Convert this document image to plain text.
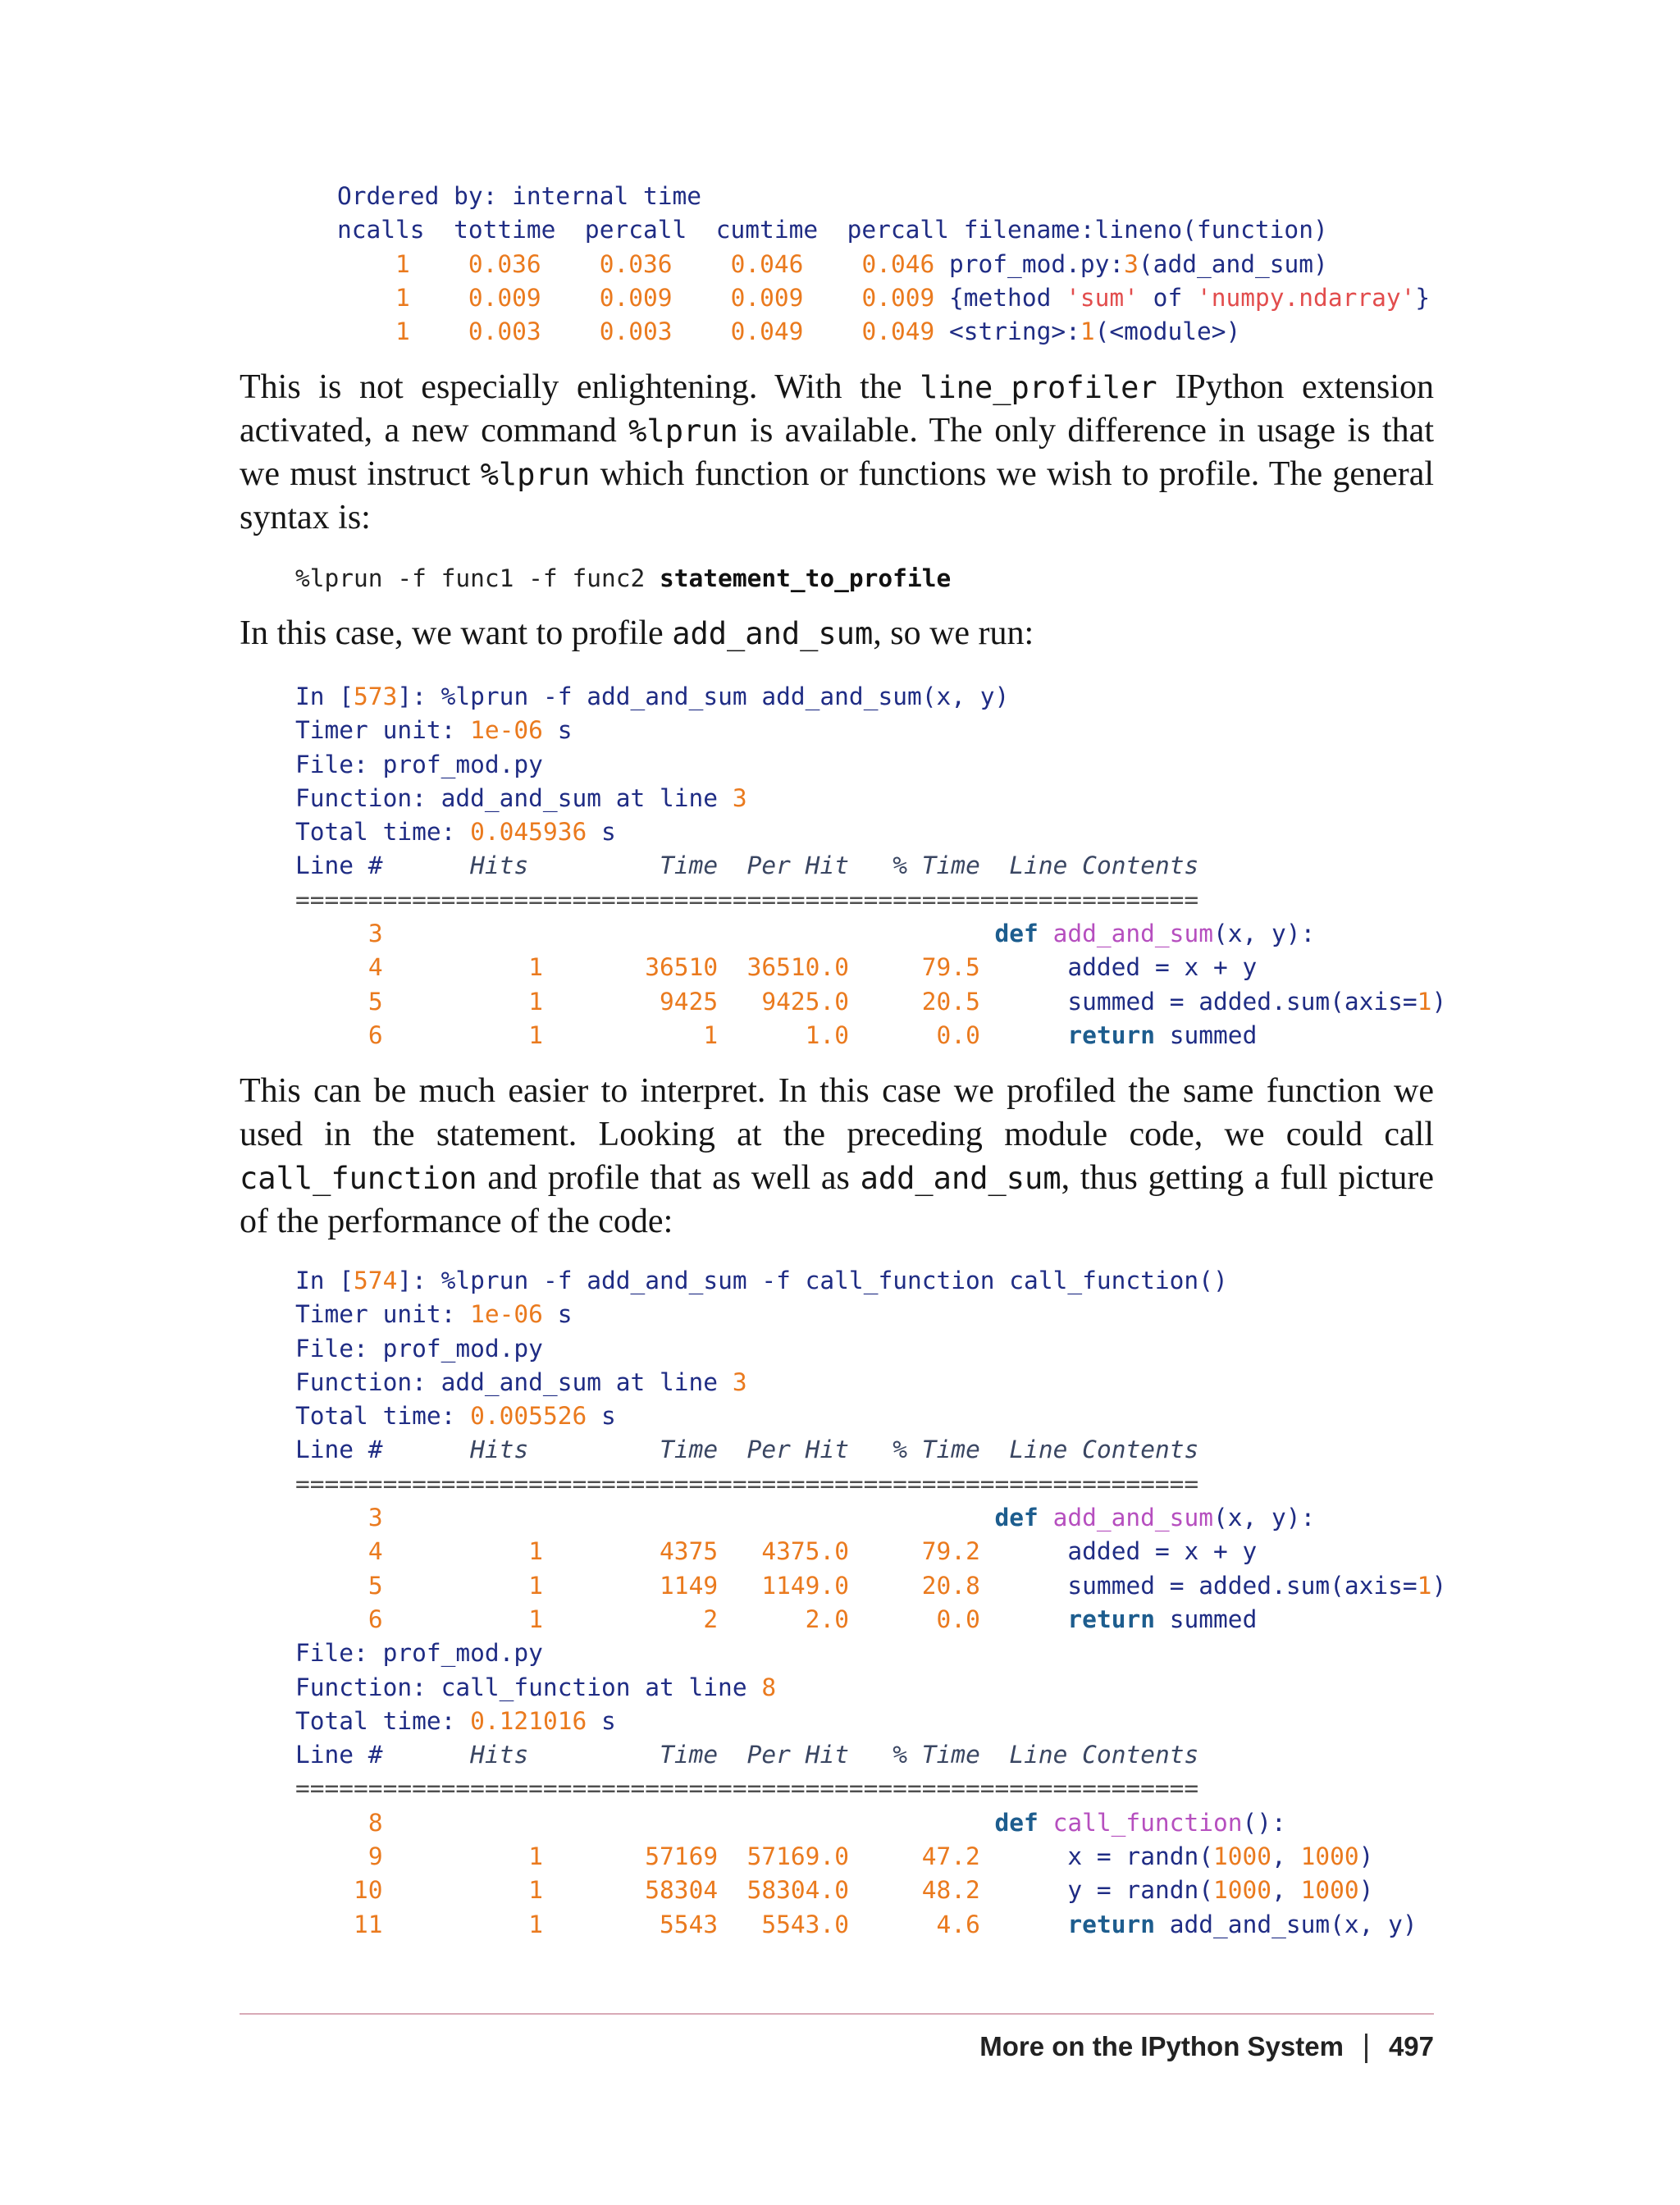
Ordered by: internal time
ncalls  tottime  percall  cumtime  percall filename:lineno(function)
1 0.036 0.036 0.046 0.046 prof_mod.py:3(add_and_sum)
1 0.009 0.009 0.009 0.009 {method 'sum' of 'numpy.ndarray'}
1 0.003 0.003 0.049 0.049 <string>:1(<module>)

This is not especially enlightening. With the line_profiler IPython extension activated, a new command %lprun is available. The only difference in usage is that we must instruct %lprun which function or functions we wish to profile. The general syntax is:

%lprun -f func1 -f func2 statement_to_profile

In this case, we want to profile add_and_sum, so we run:

In [573]: %lprun -f add_and_sum add_and_sum(x, y)
Timer unit: 1e-06 s
File: prof_mod.py
Function: add_and_sum at line 3
Total time: 0.045936 s
Line #	Hits	Time Per Hit % Time Line Contents
==============================================================
3	def add_and_sum(x, y):
4	1	36510 36510.0	79.5	added = x + y
5	1	9425 9425.0	20.5	summed = added.sum(axis=1)
6	1	1	1.0	0.0	return summed

This can be much easier to interpret. In this case we profiled the same function we used in the statement. Looking at the preceding module code, we could call call_function and profile that as well as add_and_sum, thus getting a full picture of the performance of the code:

In [574]: %lprun -f add_and_sum -f call_function call_function()
Timer unit: 1e-06 s
File: prof_mod.py
Function: add_and_sum at line 3
Total time: 0.005526 s
Line #	Hits	Time Per Hit % Time Line Contents
==============================================================
3	def add_and_sum(x, y):
4	1	4375 4375.0	79.2	added = x + y
5	1	1149 1149.0	20.8	summed = added.sum(axis=1)
6	1	2	2.0	0.0	return summed
File: prof_mod.py
Function: call_function at line 8
Total time: 0.121016 s
Line #	Hits	Time Per Hit % Time Line Contents
==============================================================
8	def call_function():
9	1	57169 57169.0	47.2	x = randn(1000, 1000)
10	1	58304 58304.0	48.2	y = randn(1000, 1000)
11	1	5543 5543.0	4.6	return add_and_sum(x, y)
More on the IPython System 497
